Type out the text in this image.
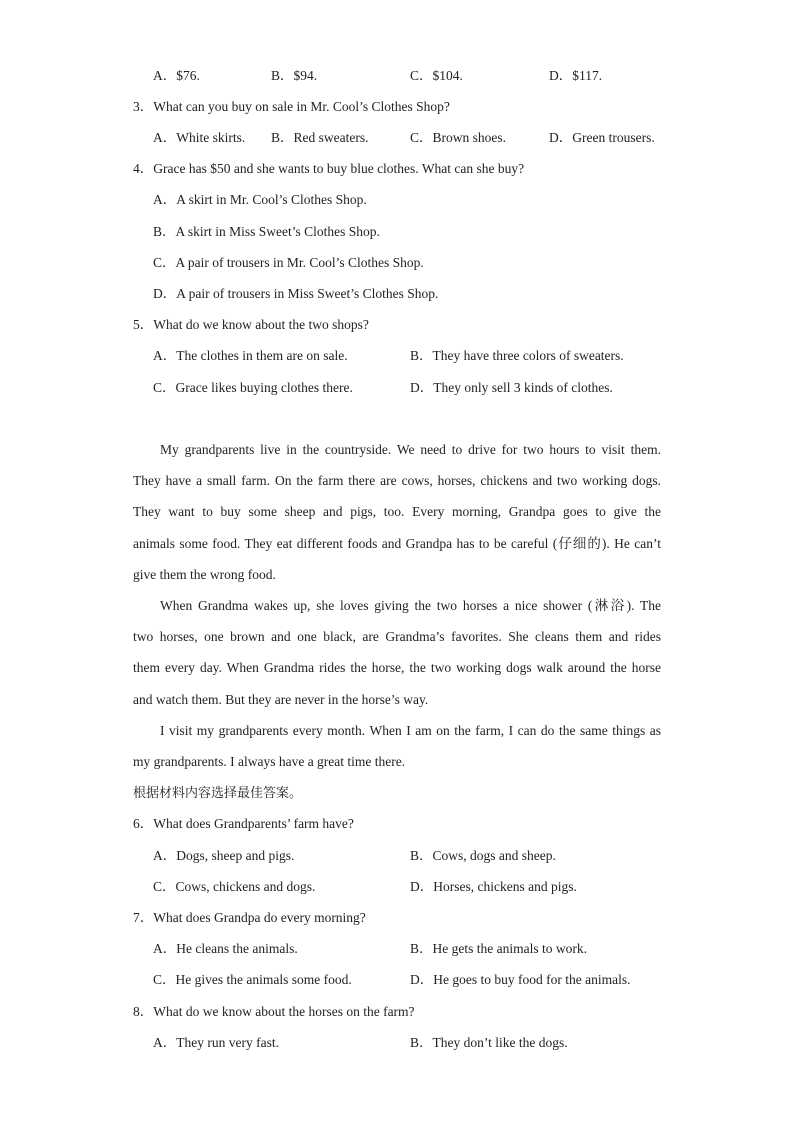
A．$76.	B．$94.	C．$104.	D．$117.
3．What can you buy on sale in Mr. Cool’s Clothes Shop?
A．White skirts. B．Red sweaters.	C．Brown shoes.	D．Green trousers.
4．Grace has $50 and she wants to buy blue clothes. What can she buy?
A．A skirt in Mr. Cool’s Clothes Shop.
B．A skirt in Miss Sweet’s Clothes Shop.
C．A pair of trousers in Mr. Cool’s Clothes Shop.
D．A pair of trousers in Miss Sweet’s Clothes Shop.
5．What do we know about the two shops?
A．The clothes in them are on sale.	B．They have three colors of sweaters.
C．Grace likes buying clothes there.	D．They only sell 3 kinds of clothes.
My grandparents live in the countryside. We need to drive for two hours to visit them.
They have a small farm. On the farm there are cows, horses, chickens and two working dogs.
They want to buy some sheep and pigs, too. Every morning, Grandpa goes to give the
animals some food. They eat different foods and Grandpa has to be careful (仔细的). He can’t
give them the wrong food.
When Grandma wakes up, she loves giving the two horses a nice shower (淋浴). The
two horses, one brown and one black, are Grandma’s favorites. She cleans them and rides
them every day. When Grandma rides the horse, the two working dogs walk around the horse
and watch them. But they are never in the horse’s way.
I visit my grandparents every month. When I am on the farm, I can do the same things as
my grandparents. I always have a great time there.
根据材料内容选择最佳答案。
6．What does Grandparents’ farm have?
A．Dogs, sheep and pigs.	B．Cows, dogs and sheep.
C．Cows, chickens and dogs.	D．Horses, chickens and pigs.
7．What does Grandpa do every morning?
A．He cleans the animals.	B．He gets the animals to work.
C．He gives the animals some food.	D．He goes to buy food for the animals.
8．What do we know about the horses on the farm?
A．They run very fast.	B．They don’t like the dogs.
